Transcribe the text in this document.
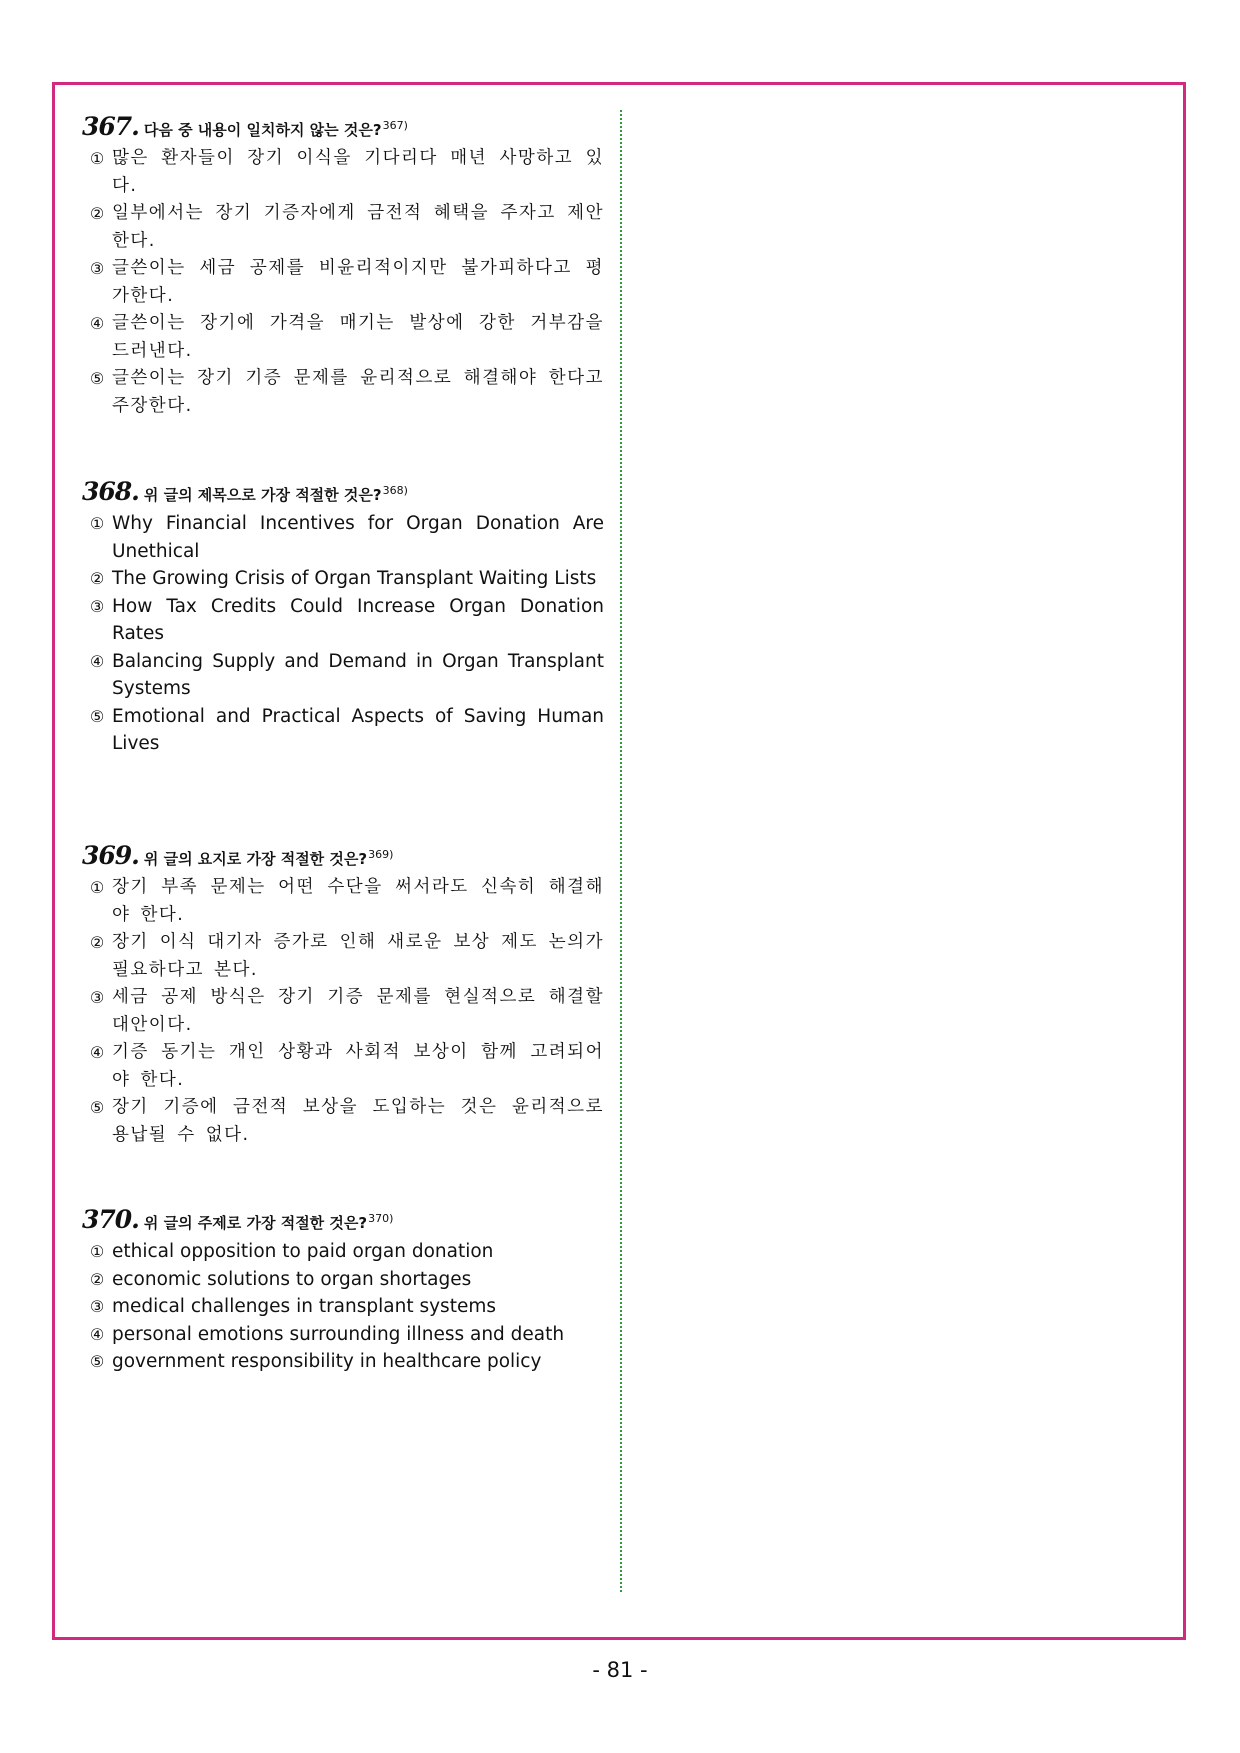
367. 다음 중 내용이 일치하지 않는 것은?$^{367)}$
① 많은 환자들이 장기 이식을 기다리다 매년 사망하고 있다.
② 일부에서는 장기 기증자에게 금전적 혜택을 주자고 제안한다.
③ 글쓴이는 세금 공제를 비윤리적이지만 불가피하다고 평가한다.
④ 글쓴이는 장기에 가격을 매기는 발상에 강한 거부감을 드러낸다.
⑤ 글쓴이는 장기 기증 문제를 윤리적으로 해결해야 한다고 주장한다.
368. 위 글의 제목으로 가장 적절한 것은?$^{368)}$
① Why Financial Incentives for Organ Donation Are Unethical
② The Growing Crisis of Organ Transplant Waiting Lists
③ How Tax Credits Could Increase Organ Donation Rates
④ Balancing Supply and Demand in Organ Transplant Systems
⑤ Emotional and Practical Aspects of Saving Human Lives
369. 위 글의 요지로 가장 적절한 것은?$^{369)}$
① 장기 부족 문제는 어떤 수단을 써서라도 신속히 해결해야 한다.
② 장기 이식 대기자 증가로 인해 새로운 보상 제도 논의가 필요하다고 본다.
③ 세금 공제 방식은 장기 기증 문제를 현실적으로 해결할 대안이다.
④ 기증 동기는 개인 상황과 사회적 보상이 함께 고려되어야 한다.
⑤ 장기 기증에 금전적 보상을 도입하는 것은 윤리적으로 용납될 수 없다.
370. 위 글의 주제로 가장 적절한 것은?$^{370)}$
① ethical opposition to paid organ donation
② economic solutions to organ shortages
③ medical challenges in transplant systems
④ personal emotions surrounding illness and death
⑤ government responsibility in healthcare policy
- 81 -
